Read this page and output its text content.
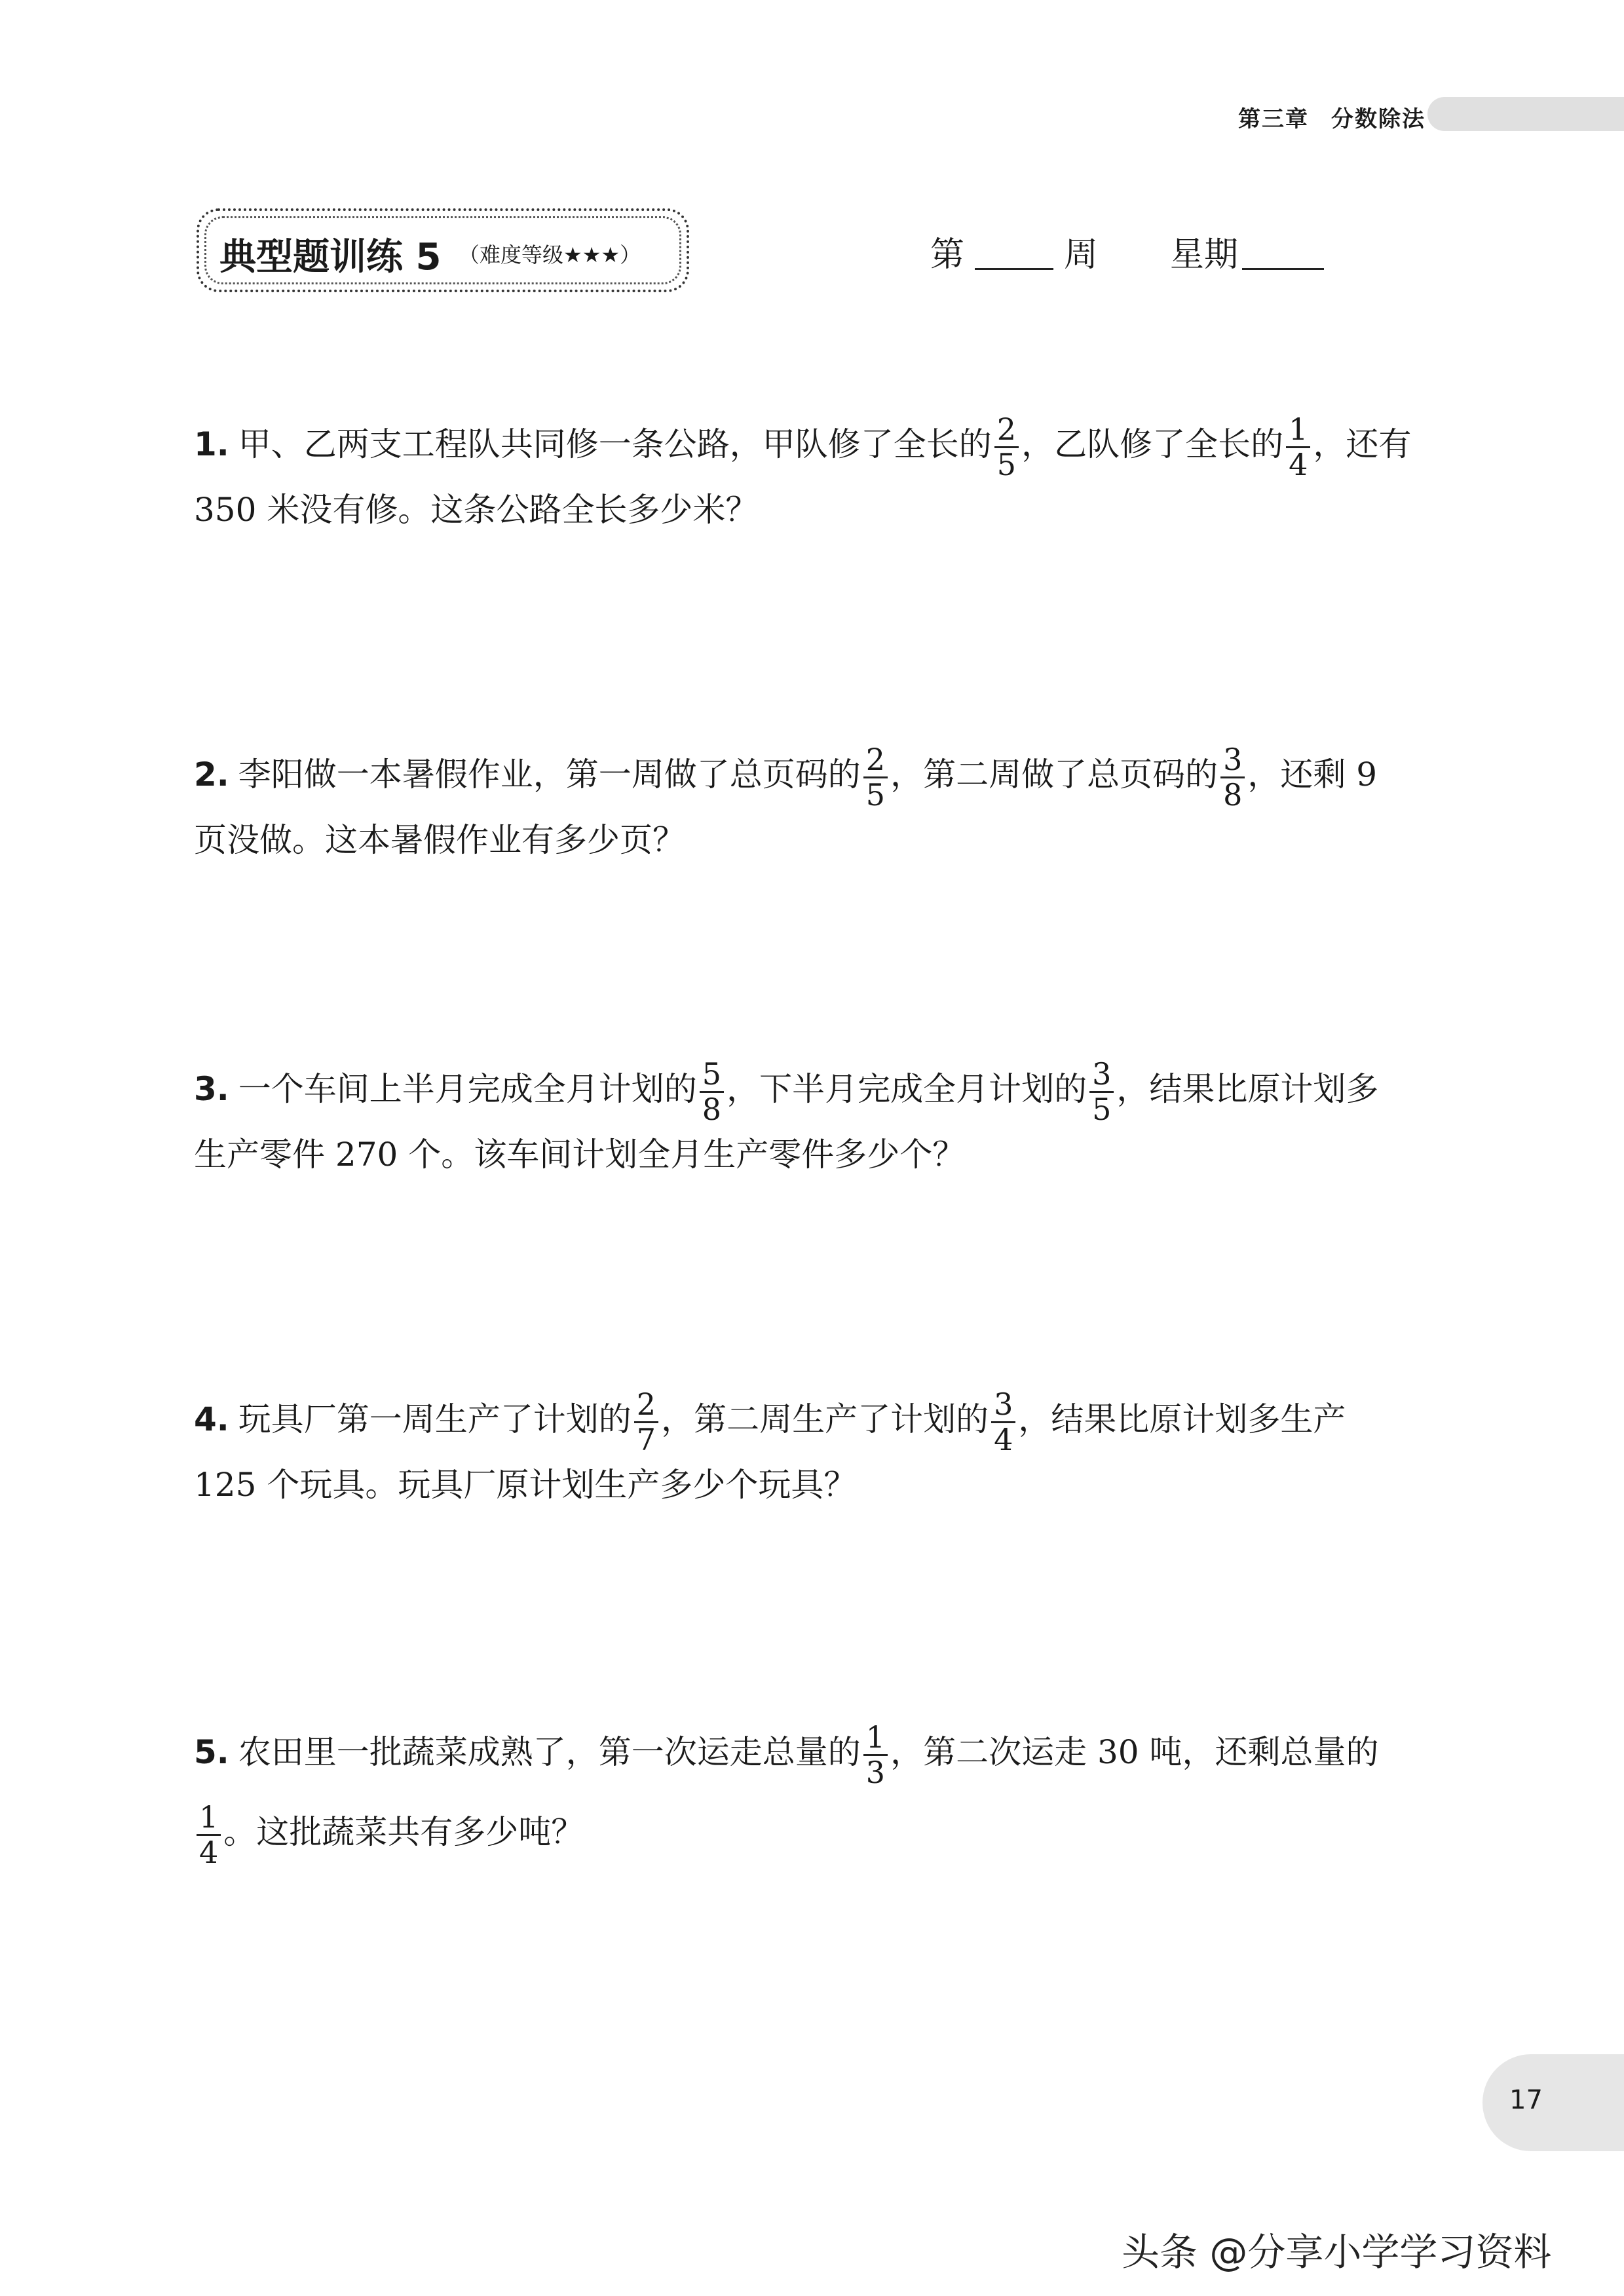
第三章 分数除法
典型题训练 5 （难度等级★★★）	第	周 星期
1. 甲、乙两支工程队共同修一条公路，甲队修了全长的 $\frac{2}{5}$ ，乙队修了全长的 $\frac{1}{4}$ ，还有
350 米没有修。这条公路全长多少米？
2. 李阳做一本暑假作业，第一周做了总页码的 $\frac{2}{5}$ ，第二周做了总页码的 $\frac{3}{8}$ ，还剩 9
页没做。这本暑假作业有多少页？
3. 一个车间上半月完成全月计划的 $\frac{5}{8}$ ，下半月完成全月计划的 $\frac{3}{5}$ ，结果比原计划多
生产零件 270 个。该车间计划全月生产零件多少个？
4. 玩具厂第一周生产了计划的 $\frac{2}{7}$ ，第二周生产了计划的 $\frac{3}{4}$ ，结果比原计划多生产
125 个玩具。玩具厂原计划生产多少个玩具？
5. 农田里一批蔬菜成熟了，第一次运走总量的 $\frac{1}{3}$ ，第二次运走 30 吨，还剩总量的
$\frac{1}{4}$ 。这批蔬菜共有多少吨？
17
头条 @分享小学学习资料
